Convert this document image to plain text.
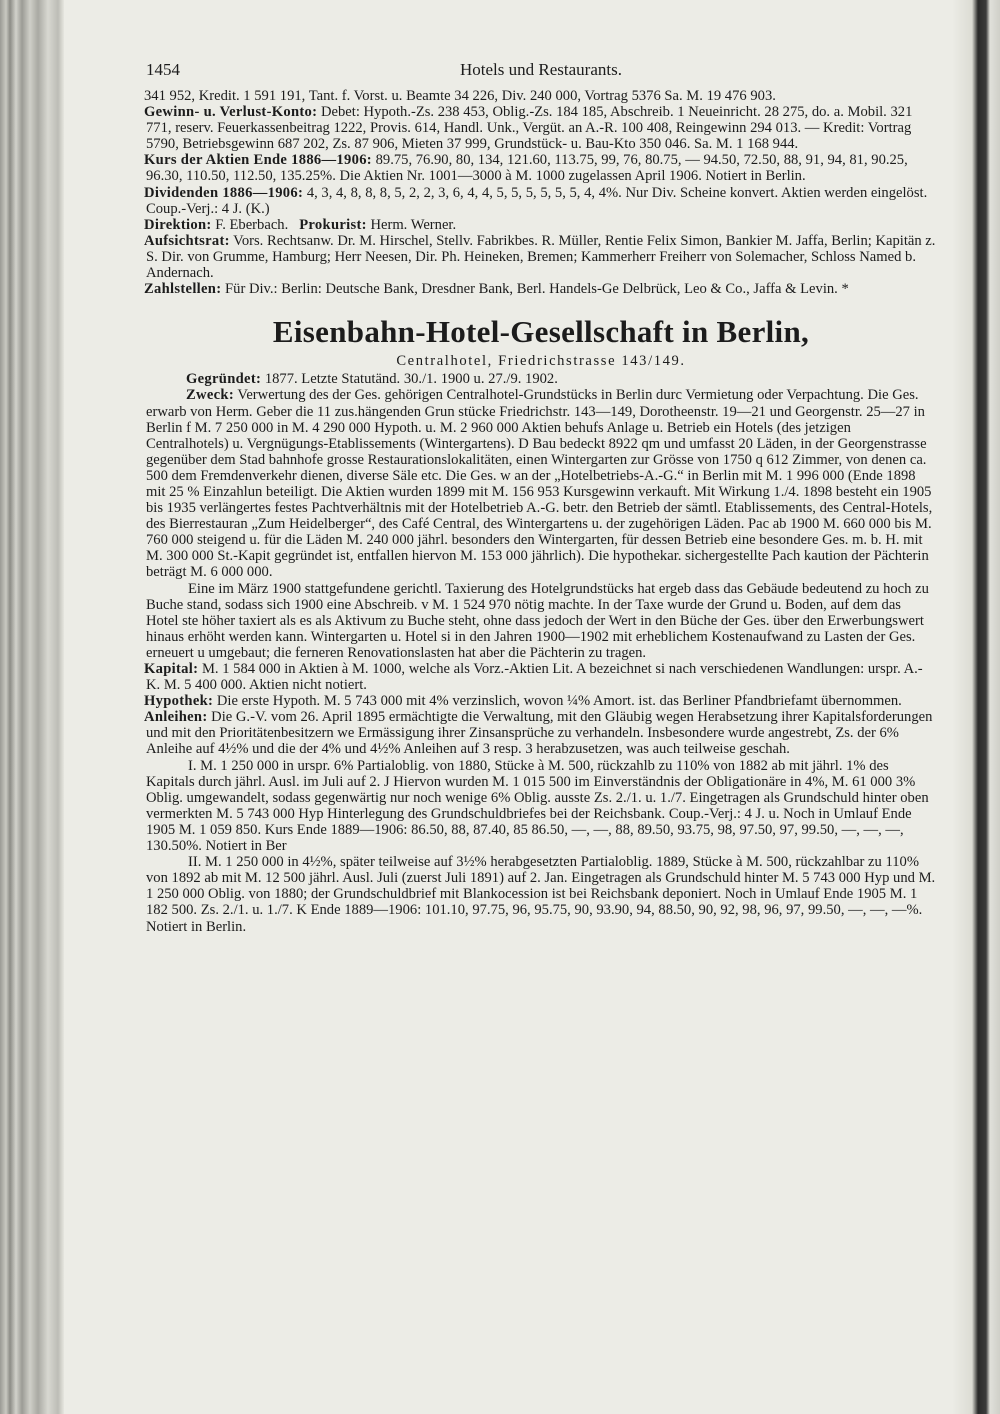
1454	Hotels und Restaurants.

341 952, Kredit. 1 591 191, Tant. f. Vorst. u. Beamte 34 226, Div. 240 000, Vortrag 5376 Sa. M. 19 476 903.

Gewinn- u. Verlust-Konto: Debet: Hypoth.-Zs. 238 453, Oblig.-Zs. 184 185, Abschreib. 1 Neueinricht. 28 275, do. a. Mobil. 321 771, reserv. Feuerkassenbeitrag 1222, Provis. 614, Handl. Unk., Vergüt. an A.-R. 100 408, Reingewinn 294 013. — Kredit: Vortrag 5790, Betriebsgewinn 687 202, Zs. 87 906, Mieten 37 999, Grundstück- u. Bau-Kto 350 046. Sa. M. 1 168 944.

Kurs der Aktien Ende 1886—1906: 89.75, 76.90, 80, 134, 121.60, 113.75, 99, 76, 80.75, — 94.50, 72.50, 88, 91, 94, 81, 90.25, 96.30, 110.50, 112.50, 135.25%. Die Aktien Nr. 1001—3000 à M. 1000 zugelassen April 1906. Notiert in Berlin.

Dividenden 1886—1906: 4, 3, 4, 8, 8, 8, 5, 2, 2, 3, 6, 4, 4, 5, 5, 5, 5, 5, 5, 4, 4%. Nur Div. Scheine konvert. Aktien werden eingelöst. Coup.-Verj.: 4 J. (K.)

Direktion: F. Eberbach. Prokurist: Herm. Werner.

Aufsichtsrat: Vors. Rechtsanw. Dr. M. Hirschel, Stellv. Fabrikbes. R. Müller, Rentie Felix Simon, Bankier M. Jaffa, Berlin; Kapitän z. S. Dir. von Grumme, Hamburg; Herr Neesen, Dir. Ph. Heineken, Bremen; Kammerherr Freiherr von Solemacher, Schloss Named b. Andernach.

Zahlstellen: Für Div.: Berlin: Deutsche Bank, Dresdner Bank, Berl. Handels-Ge Delbrück, Leo & Co., Jaffa & Levin. *

Eisenbahn-Hotel-Gesellschaft in Berlin,
Centralhotel, Friedrichstrasse 143/149.

Gegründet: 1877. Letzte Statutänd. 30./1. 1900 u. 27./9. 1902.

Zweck: Verwertung des der Ges. gehörigen Centralhotel-Grundstücks in Berlin durc Vermietung oder Verpachtung. Die Ges. erwarb von Herm. Geber die 11 zus.hängenden Grun stücke Friedrichstr. 143—149, Dorotheenstr. 19—21 und Georgenstr. 25—27 in Berlin f M. 7 250 000 in M. 4 290 000 Hypoth. u. M. 2 960 000 Aktien behufs Anlage u. Betrieb ein Hotels (des jetzigen Centralhotels) u. Vergnügungs-Etablissements (Wintergartens). D Bau bedeckt 8922 qm und umfasst 20 Läden, in der Georgenstrasse gegenüber dem Stad bahnhofe grosse Restaurationslokalitäten, einen Wintergarten zur Grösse von 1750 q 612 Zimmer, von denen ca. 500 dem Fremdenverkehr dienen, diverse Säle etc. Die Ges. w an der „Hotelbetriebs-A.-G.“ in Berlin mit M. 1 996 000 (Ende 1898 mit 25 % Einzahlun beteiligt. Die Aktien wurden 1899 mit M. 156 953 Kursgewinn verkauft. Mit Wirkung 1./4. 1898 besteht ein 1905 bis 1935 verlängertes festes Pachtverhältnis mit der Hotelbetrieb A.-G. betr. den Betrieb der sämtl. Etablissements, des Central-Hotels, des Bierrestauran „Zum Heidelberger“, des Café Central, des Wintergartens u. der zugehörigen Läden. Pac ab 1900 M. 660 000 bis M. 760 000 steigend u. für die Läden M. 240 000 jährl. besonders den Wintergarten, für dessen Betrieb eine besondere Ges. m. b. H. mit M. 300 000 St.-Kapit gegründet ist, entfallen hiervon M. 153 000 jährlich). Die hypothekar. sichergestellte Pach kaution der Pächterin beträgt M. 6 000 000.

Eine im März 1900 stattgefundene gerichtl. Taxierung des Hotelgrundstücks hat ergeb dass das Gebäude bedeutend zu hoch zu Buche stand, sodass sich 1900 eine Abschreib. v M. 1 524 970 nötig machte. In der Taxe wurde der Grund u. Boden, auf dem das Hotel ste höher taxiert als es als Aktivum zu Buche steht, ohne dass jedoch der Wert in den Büche der Ges. über den Erwerbungswert hinaus erhöht werden kann. Wintergarten u. Hotel si in den Jahren 1900—1902 mit erheblichem Kostenaufwand zu Lasten der Ges. erneuert u umgebaut; die ferneren Renovationslasten hat aber die Pächterin zu tragen.

Kapital: M. 1 584 000 in Aktien à M. 1000, welche als Vorz.-Aktien Lit. A bezeichnet si nach verschiedenen Wandlungen: urspr. A.-K. M. 5 400 000. Aktien nicht notiert.

Hypothek: Die erste Hypoth. M. 5 743 000 mit 4% verzinslich, wovon ¼% Amort. ist. das Berliner Pfandbriefamt übernommen.

Anleihen: Die G.-V. vom 26. April 1895 ermächtigte die Verwaltung, mit den Gläubig wegen Herabsetzung ihrer Kapitalsforderungen und mit den Prioritätenbesitzern we Ermässigung ihrer Zinsansprüche zu verhandeln. Insbesondere wurde angestrebt, Zs. der 6% Anleihe auf 4½% und die der 4% und 4½% Anleihen auf 3 resp. 3 herabzusetzen, was auch teilweise geschah.

I. M. 1 250 000 in urspr. 6% Partialoblig. von 1880, Stücke à M. 500, rückzahlb zu 110% von 1882 ab mit jährl. 1% des Kapitals durch jährl. Ausl. im Juli auf 2. J Hiervon wurden M. 1 015 500 im Einverständnis der Obligationäre in 4%, M. 61 000 3% Oblig. umgewandelt, sodass gegenwärtig nur noch wenige 6% Oblig. ausste Zs. 2./1. u. 1./7. Eingetragen als Grundschuld hinter oben vermerkten M. 5 743 000 Hyp Hinterlegung des Grundschuldbriefes bei der Reichsbank. Coup.-Verj.: 4 J. u. Noch in Umlauf Ende 1905 M. 1 059 850. Kurs Ende 1889—1906: 86.50, 88, 87.40, 85 86.50, —, —, 88, 89.50, 93.75, 98, 97.50, 97, 99.50, —, —, —, 130.50%. Notiert in Ber

II. M. 1 250 000 in 4½%, später teilweise auf 3½% herabgesetzten Partialoblig. 1889, Stücke à M. 500, rückzahlbar zu 110% von 1892 ab mit M. 12 500 jährl. Ausl. Juli (zuerst Juli 1891) auf 2. Jan. Eingetragen als Grundschuld hinter M. 5 743 000 Hyp und M. 1 250 000 Oblig. von 1880; der Grundschuldbrief mit Blankocession ist bei Reichsbank deponiert. Noch in Umlauf Ende 1905 M. 1 182 500. Zs. 2./1. u. 1./7. K Ende 1889—1906: 101.10, 97.75, 96, 95.75, 90, 93.90, 94, 88.50, 90, 92, 98, 96, 97, 99.50, —, —, —%. Notiert in Berlin.
